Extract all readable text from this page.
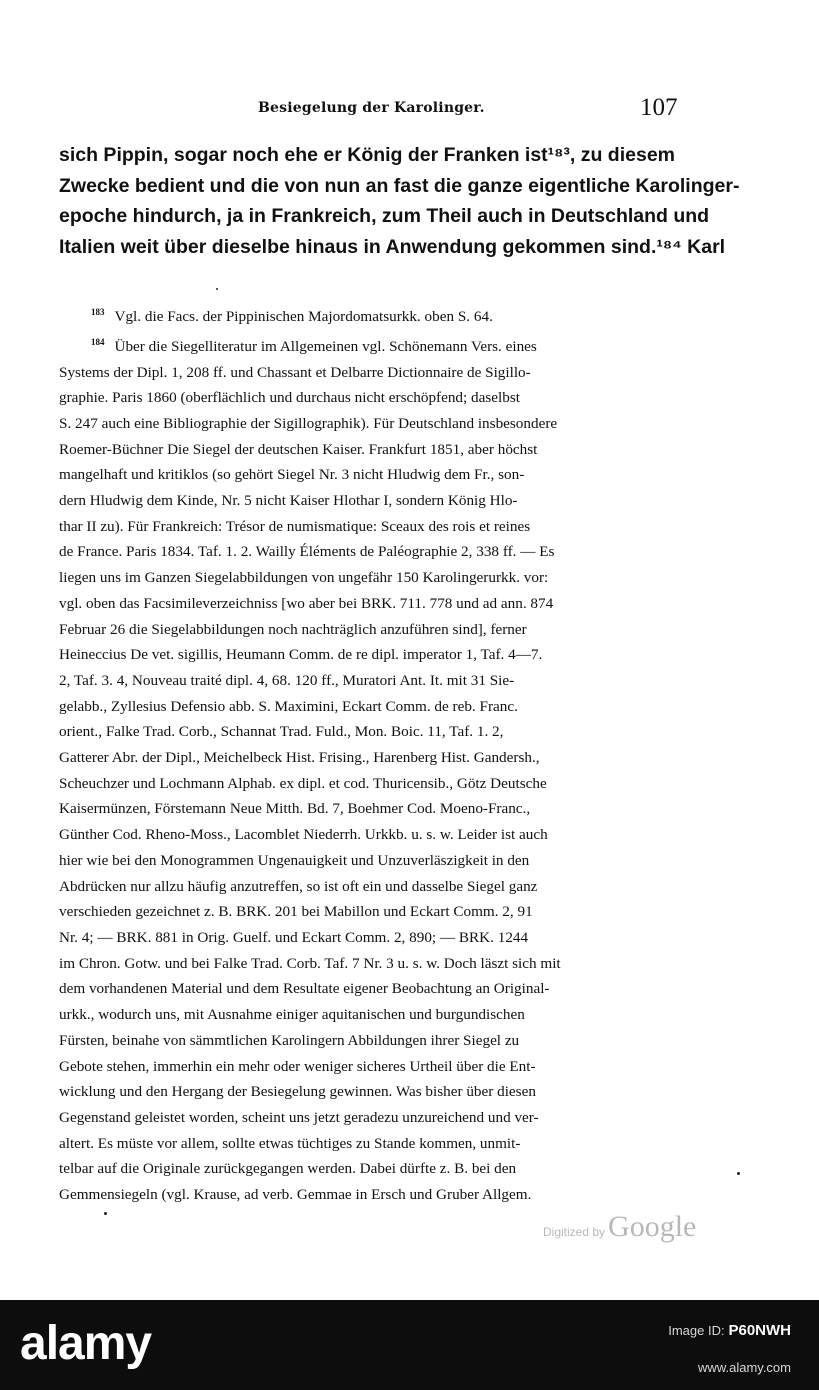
Besiegelung der Karolinger.	107
sich Pippin, sogar noch ehe er König der Franken ist¹⁸³, zu diesem
Zwecke bedient und die von nun an fast die ganze eigentliche Karolinger-
epoche hindurch, ja in Frankreich, zum Theil auch in Deutschland und
Italien weit über dieselbe hinaus in Anwendung gekommen sind.¹⁸⁴ Karl
$^{183}$ Vgl. die Facs. der Pippinischen Majordomatsurkk. oben S. 64.
$^{184}$ Über die Siegelliteratur im Allgemeinen vgl. Schönemann Vers. eines
Systems der Dipl. 1, 208 ff. und Chassant et Delbarre Dictionnaire de Sigillo-
graphie. Paris 1860 (oberflächlich und durchaus nicht erschöpfend; daselbst
S. 247 auch eine Bibliographie der Sigillographik). Für Deutschland insbesondere
Roemer-Büchner Die Siegel der deutschen Kaiser. Frankfurt 1851, aber höchst
mangelhaft und kritiklos (so gehört Siegel Nr. 3 nicht Hludwig dem Fr., son-
dern Hludwig dem Kinde, Nr. 5 nicht Kaiser Hlothar I, sondern König Hlo-
thar II zu). Für Frankreich: Trésor de numismatique: Sceaux des rois et reines
de France. Paris 1834. Taf. 1. 2. Wailly Éléments de Paléographie 2, 338 ff. — Es
liegen uns im Ganzen Siegelabbildungen von ungefähr 150 Karolingerurkk. vor:
vgl. oben das Facsimileverzeichniss [wo aber bei BRK. 711. 778 und ad ann. 874
Februar 26 die Siegelabbildungen noch nachträglich anzuführen sind], ferner
Heineccius De vet. sigillis, Heumann Comm. de re dipl. imperator 1, Taf. 4—7.
2, Taf. 3. 4, Nouveau traité dipl. 4, 68. 120 ff., Muratori Ant. It. mit 31 Sie-
gelabb., Zyllesius Defensio abb. S. Maximini, Eckart Comm. de reb. Franc.
orient., Falke Trad. Corb., Schannat Trad. Fuld., Mon. Boic. 11, Taf. 1. 2,
Gatterer Abr. der Dipl., Meichelbeck Hist. Frising., Harenberg Hist. Gandersh.,
Scheuchzer und Lochmann Alphab. ex dipl. et cod. Thuricensib., Götz Deutsche
Kaisermünzen, Förstemann Neue Mitth. Bd. 7, Boehmer Cod. Moeno-Franc.,
Günther Cod. Rheno-Moss., Lacomblet Niederrh. Urkkb. u. s. w. Leider ist auch
hier wie bei den Monogrammen Ungenauigkeit und Unzuverläszigkeit in den
Abdrücken nur allzu häufig anzutreffen, so ist oft ein und dasselbe Siegel ganz
verschieden gezeichnet z. B. BRK. 201 bei Mabillon und Eckart Comm. 2, 91
Nr. 4; — BRK. 881 in Orig. Guelf. und Eckart Comm. 2, 890; — BRK. 1244
im Chron. Gotw. und bei Falke Trad. Corb. Taf. 7 Nr. 3 u. s. w. Doch läszt sich mit
dem vorhandenen Material und dem Resultate eigener Beobachtung an Original-
urkk., wodurch uns, mit Ausnahme einiger aquitanischen und burgundischen
Fürsten, beinahe von sämmtlichen Karolingern Abbildungen ihrer Siegel zu
Gebote stehen, immerhin ein mehr oder weniger sicheres Urtheil über die Ent-
wicklung und den Hergang der Besiegelung gewinnen. Was bisher über diesen
Gegenstand geleistet worden, scheint uns jetzt geradezu unzureichend und ver-
altert. Es müste vor allem, sollte etwas tüchtiges zu Stande kommen, unmit-
telbar auf die Originale zurückgegangen werden. Dabei dürfte z. B. bei den
Gemmensiegeln (vgl. Krause, ad verb. Gemmae in Ersch und Gruber Allgem.
Digitized by Google
alamy	Image ID: P60NWH
www.alamy.com
